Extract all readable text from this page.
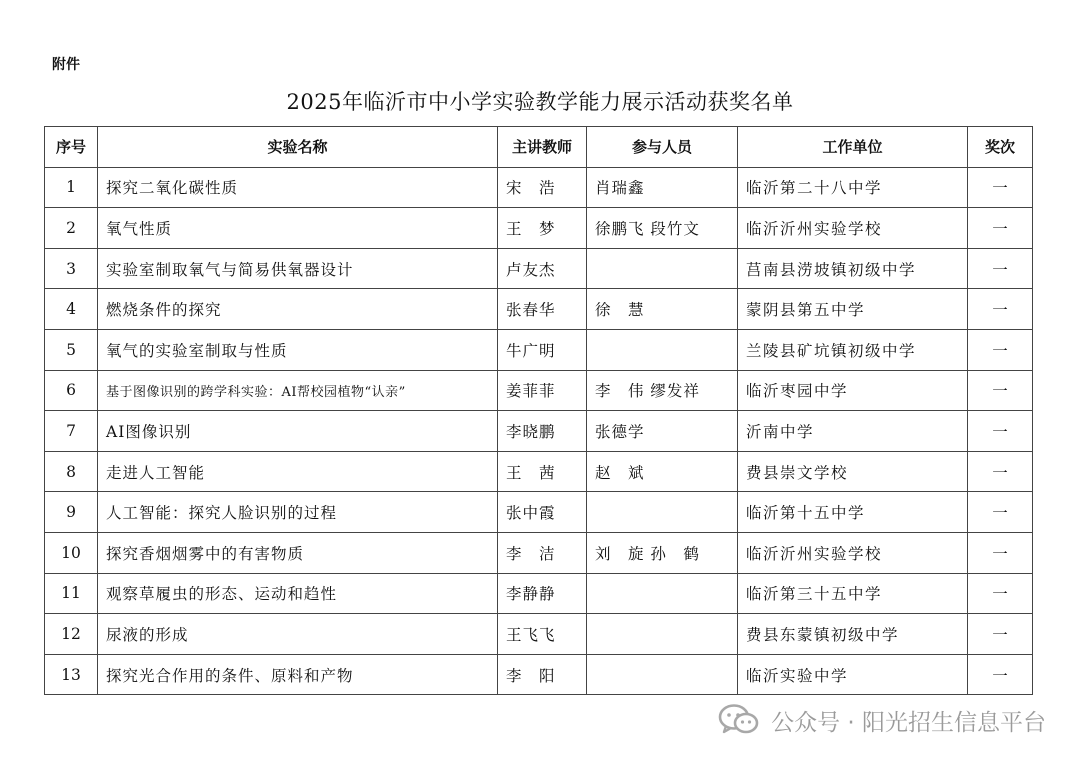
附件
2025年临沂市中小学实验教学能力展示活动获奖名单
序号	实验名称	主讲教师	参与人员	工作单位	奖次
1	探究二氧化碳性质	宋　浩	肖瑞鑫	临沂第二十八中学	一
2	氧气性质	王　梦	徐鹏飞 段竹文	临沂沂州实验学校	一
3	实验室制取氧气与简易供氧器设计	卢友杰		莒南县涝坡镇初级中学	一
4	燃烧条件的探究	张春华	徐　慧	蒙阴县第五中学	一
5	氧气的实验室制取与性质	牛广明		兰陵县矿坑镇初级中学	一
6	基于图像识别的跨学科实验：AI帮校园植物“认亲”	姜菲菲	李　伟 缪发祥	临沂枣园中学	一
7	AI图像识别	李晓鹏	张德学	沂南中学	一
8	走进人工智能	王　茜	赵　斌	费县崇文学校	一
9	人工智能：探究人脸识别的过程	张中霞		临沂第十五中学	一
10	探究香烟烟雾中的有害物质	李　洁	刘　旋 孙　鹤	临沂沂州实验学校	一
11	观察草履虫的形态、运动和趋性	李静静		临沂第三十五中学	一
12	尿液的形成	王飞飞		费县东蒙镇初级中学	一
13	探究光合作用的条件、原料和产物	李　阳		临沂实验中学	一
公众号 · 阳光招生信息平台
